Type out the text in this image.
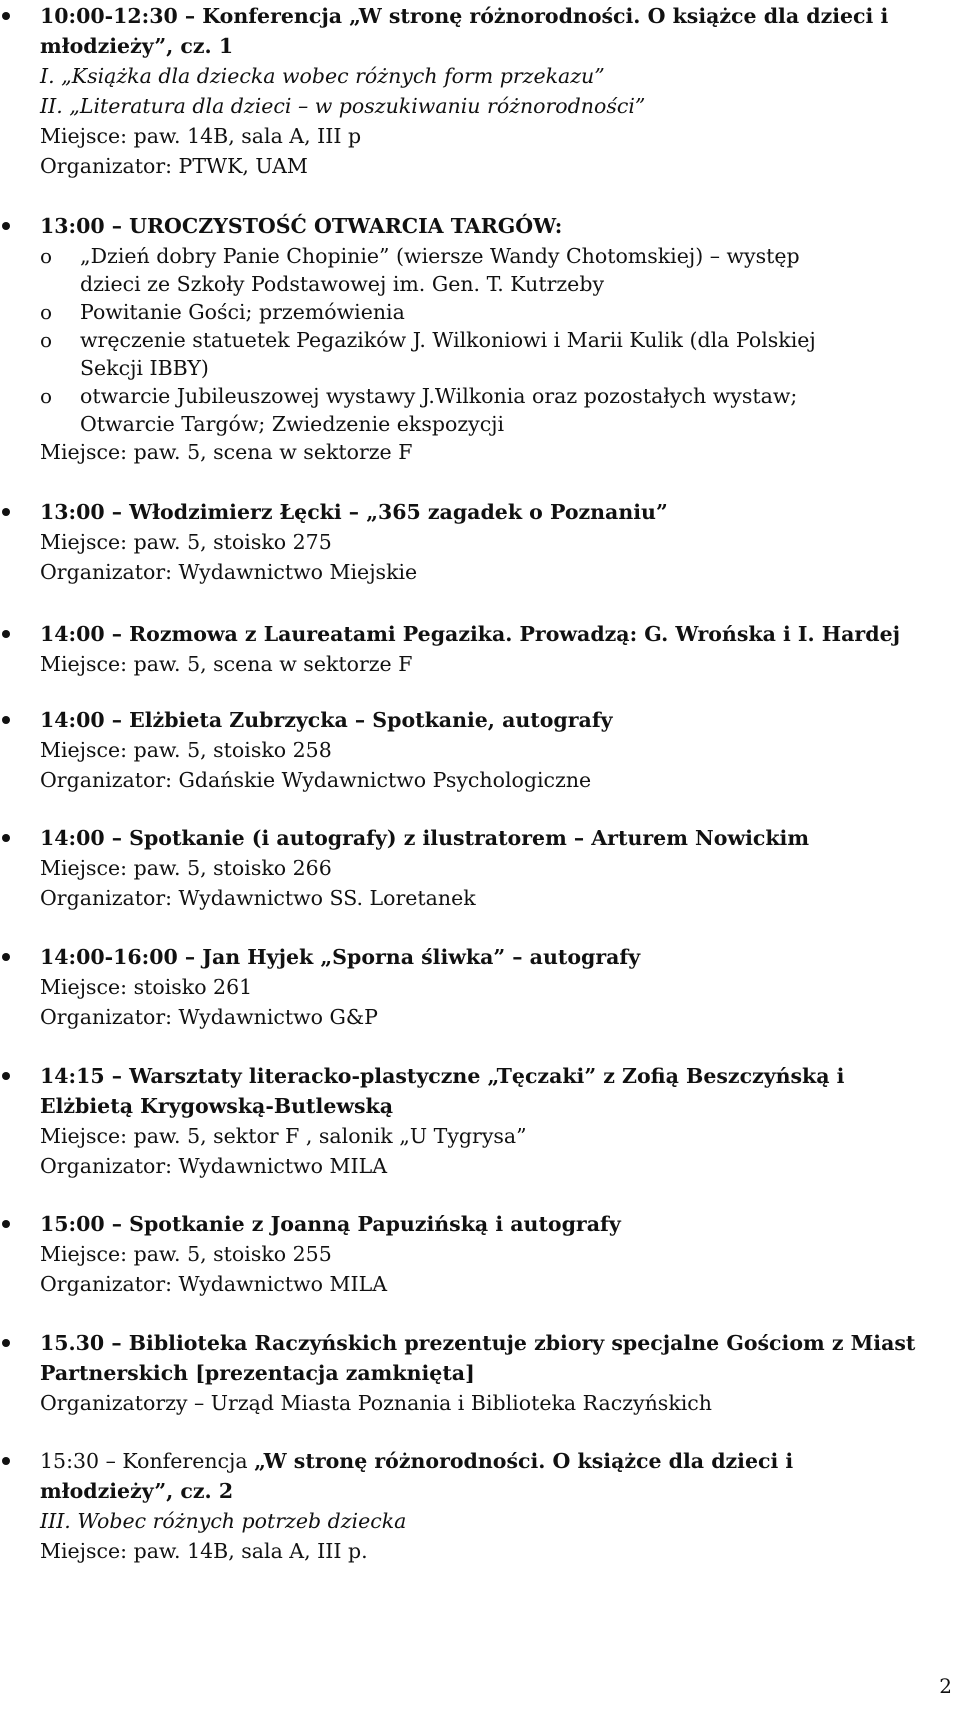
10:00-12:30 – Konferencja „W stronę różnorodności. O książce dla dzieci i
młodzieży”, cz. 1
I. „Książka dla dziecka wobec różnych form przekazu”
II. „Literatura dla dzieci – w poszukiwaniu różnorodności”
Miejsce: paw. 14B, sala A, III p
Organizator: PTWK, UAM
13:00 – UROCZYSTOŚĆ OTWARCIA TARGÓW:
o „Dzień dobry Panie Chopinie” (wiersze Wandy Chotomskiej) – występ
dzieci ze Szkoły Podstawowej im. Gen. T. Kutrzeby
o Powitanie Gości; przemówienia
o wręczenie statuetek Pegazików J. Wilkoniowi i Marii Kulik (dla Polskiej
Sekcji IBBY)
o otwarcie Jubileuszowej wystawy J.Wilkonia oraz pozostałych wystaw;
Otwarcie Targów; Zwiedzenie ekspozycji
Miejsce: paw. 5, scena w sektorze F
13:00 – Włodzimierz Łęcki – „365 zagadek o Poznaniu”
Miejsce: paw. 5, stoisko 275
Organizator: Wydawnictwo Miejskie
14:00 – Rozmowa z Laureatami Pegazika. Prowadzą: G. Wrońska i I. Hardej
Miejsce: paw. 5, scena w sektorze F
14:00 – Elżbieta Zubrzycka – Spotkanie, autografy
Miejsce: paw. 5, stoisko 258
Organizator: Gdańskie Wydawnictwo Psychologiczne
14:00 – Spotkanie (i autografy) z ilustratorem – Arturem Nowickim
Miejsce: paw. 5, stoisko 266
Organizator: Wydawnictwo SS. Loretanek
14:00-16:00 – Jan Hyjek „Sporna śliwka” – autografy
Miejsce: stoisko 261
Organizator: Wydawnictwo G&P
14:15 – Warsztaty literacko-plastyczne „Tęczaki” z Zofią Beszczyńską i
Elżbietą Krygowską-Butlewską
Miejsce: paw. 5, sektor F , salonik „U Tygrysa”
Organizator: Wydawnictwo MILA
15:00 – Spotkanie z Joanną Papuzińską i autografy
Miejsce: paw. 5, stoisko 255
Organizator: Wydawnictwo MILA
15.30 – Biblioteka Raczyńskich prezentuje zbiory specjalne Gościom z Miast
Partnerskich [prezentacja zamknięta]
Organizatorzy – Urząd Miasta Poznania i Biblioteka Raczyńskich
15:30 – Konferencja „W stronę różnorodności. O książce dla dzieci i
młodzieży”, cz. 2
III. Wobec różnych potrzeb dziecka
Miejsce: paw. 14B, sala A, III p.
2
